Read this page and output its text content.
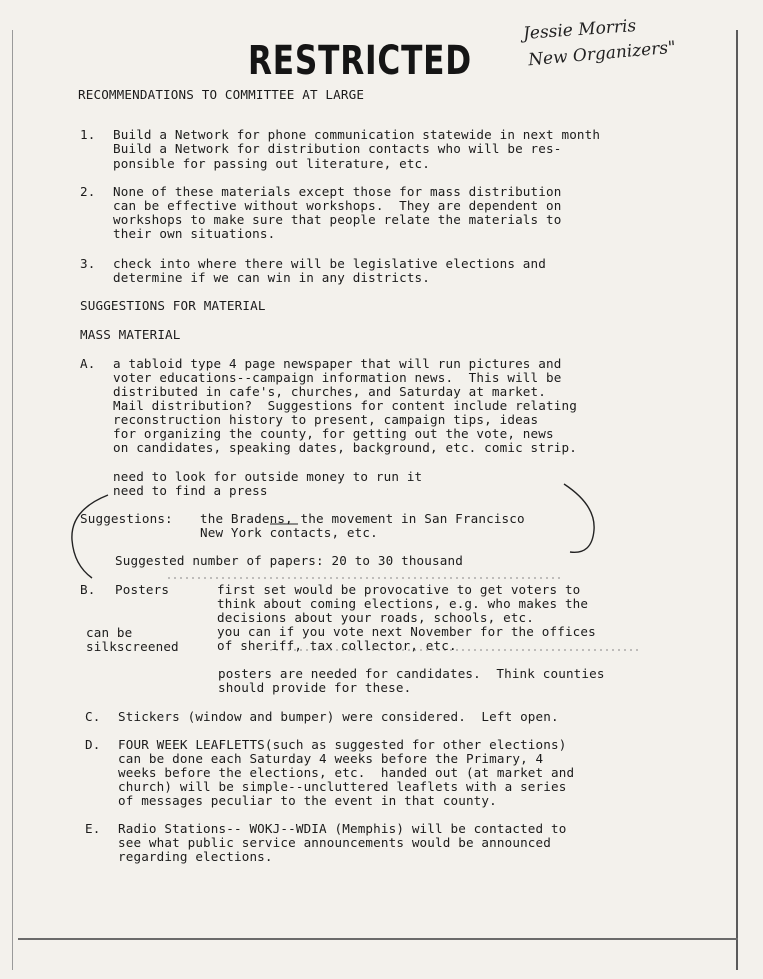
RESTRICTED
Jessie Morris
New Organizers"
RECOMMENDATIONS TO COMMITTEE AT LARGE
1. Build a Network for phone communication statewide in next month
Build a Network for distribution contacts who will be res-
ponsible for passing out literature, etc.
2. None of these materials except those for mass distribution
can be effective without workshops.  They are dependent on
workshops to make sure that people relate the materials to
their own situations.
3. check into where there will be legislative elections and
determine if we can win in any districts.
SUGGESTIONS FOR MATERIAL
MASS MATERIAL
A. a tabloid type 4 page newspaper that will run pictures and
voter educations--campaign information news.  This will be
distributed in cafe's, churches, and Saturday at market.
Mail distribution?  Suggestions for content include relating
reconstruction history to present, campaign tips, ideas
for organizing the county, for getting out the vote, news
on candidates, speaking dates, background, etc. comic strip.
need to look for outside money to run it
need to find a press
Suggestions: the Bradens, the movement in San Francisco
New York contacts, etc.
Suggested number of papers: 20 to 30 thousand
B. Posters	first set would be provocative to get voters to
think about coming elections, e.g. who makes the
decisions about your roads, schools, etc.
you can if you vote next November for the offices
of sheriff, tax collector, etc.
can be
silkscreened
posters are needed for candidates.  Think counties
should provide for these.
C. Stickers (window and bumper) were considered.  Left open.
D. FOUR WEEK LEAFLETTS(such as suggested for other elections)
can be done each Saturday 4 weeks before the Primary, 4
weeks before the elections, etc.  handed out (at market and
church) will be simple--uncluttered leaflets with a series
of messages peculiar to the event in that county.
E. Radio Stations-- WOKJ--WDIA (Memphis) will be contacted to
see what public service announcements would be announced
regarding elections.
